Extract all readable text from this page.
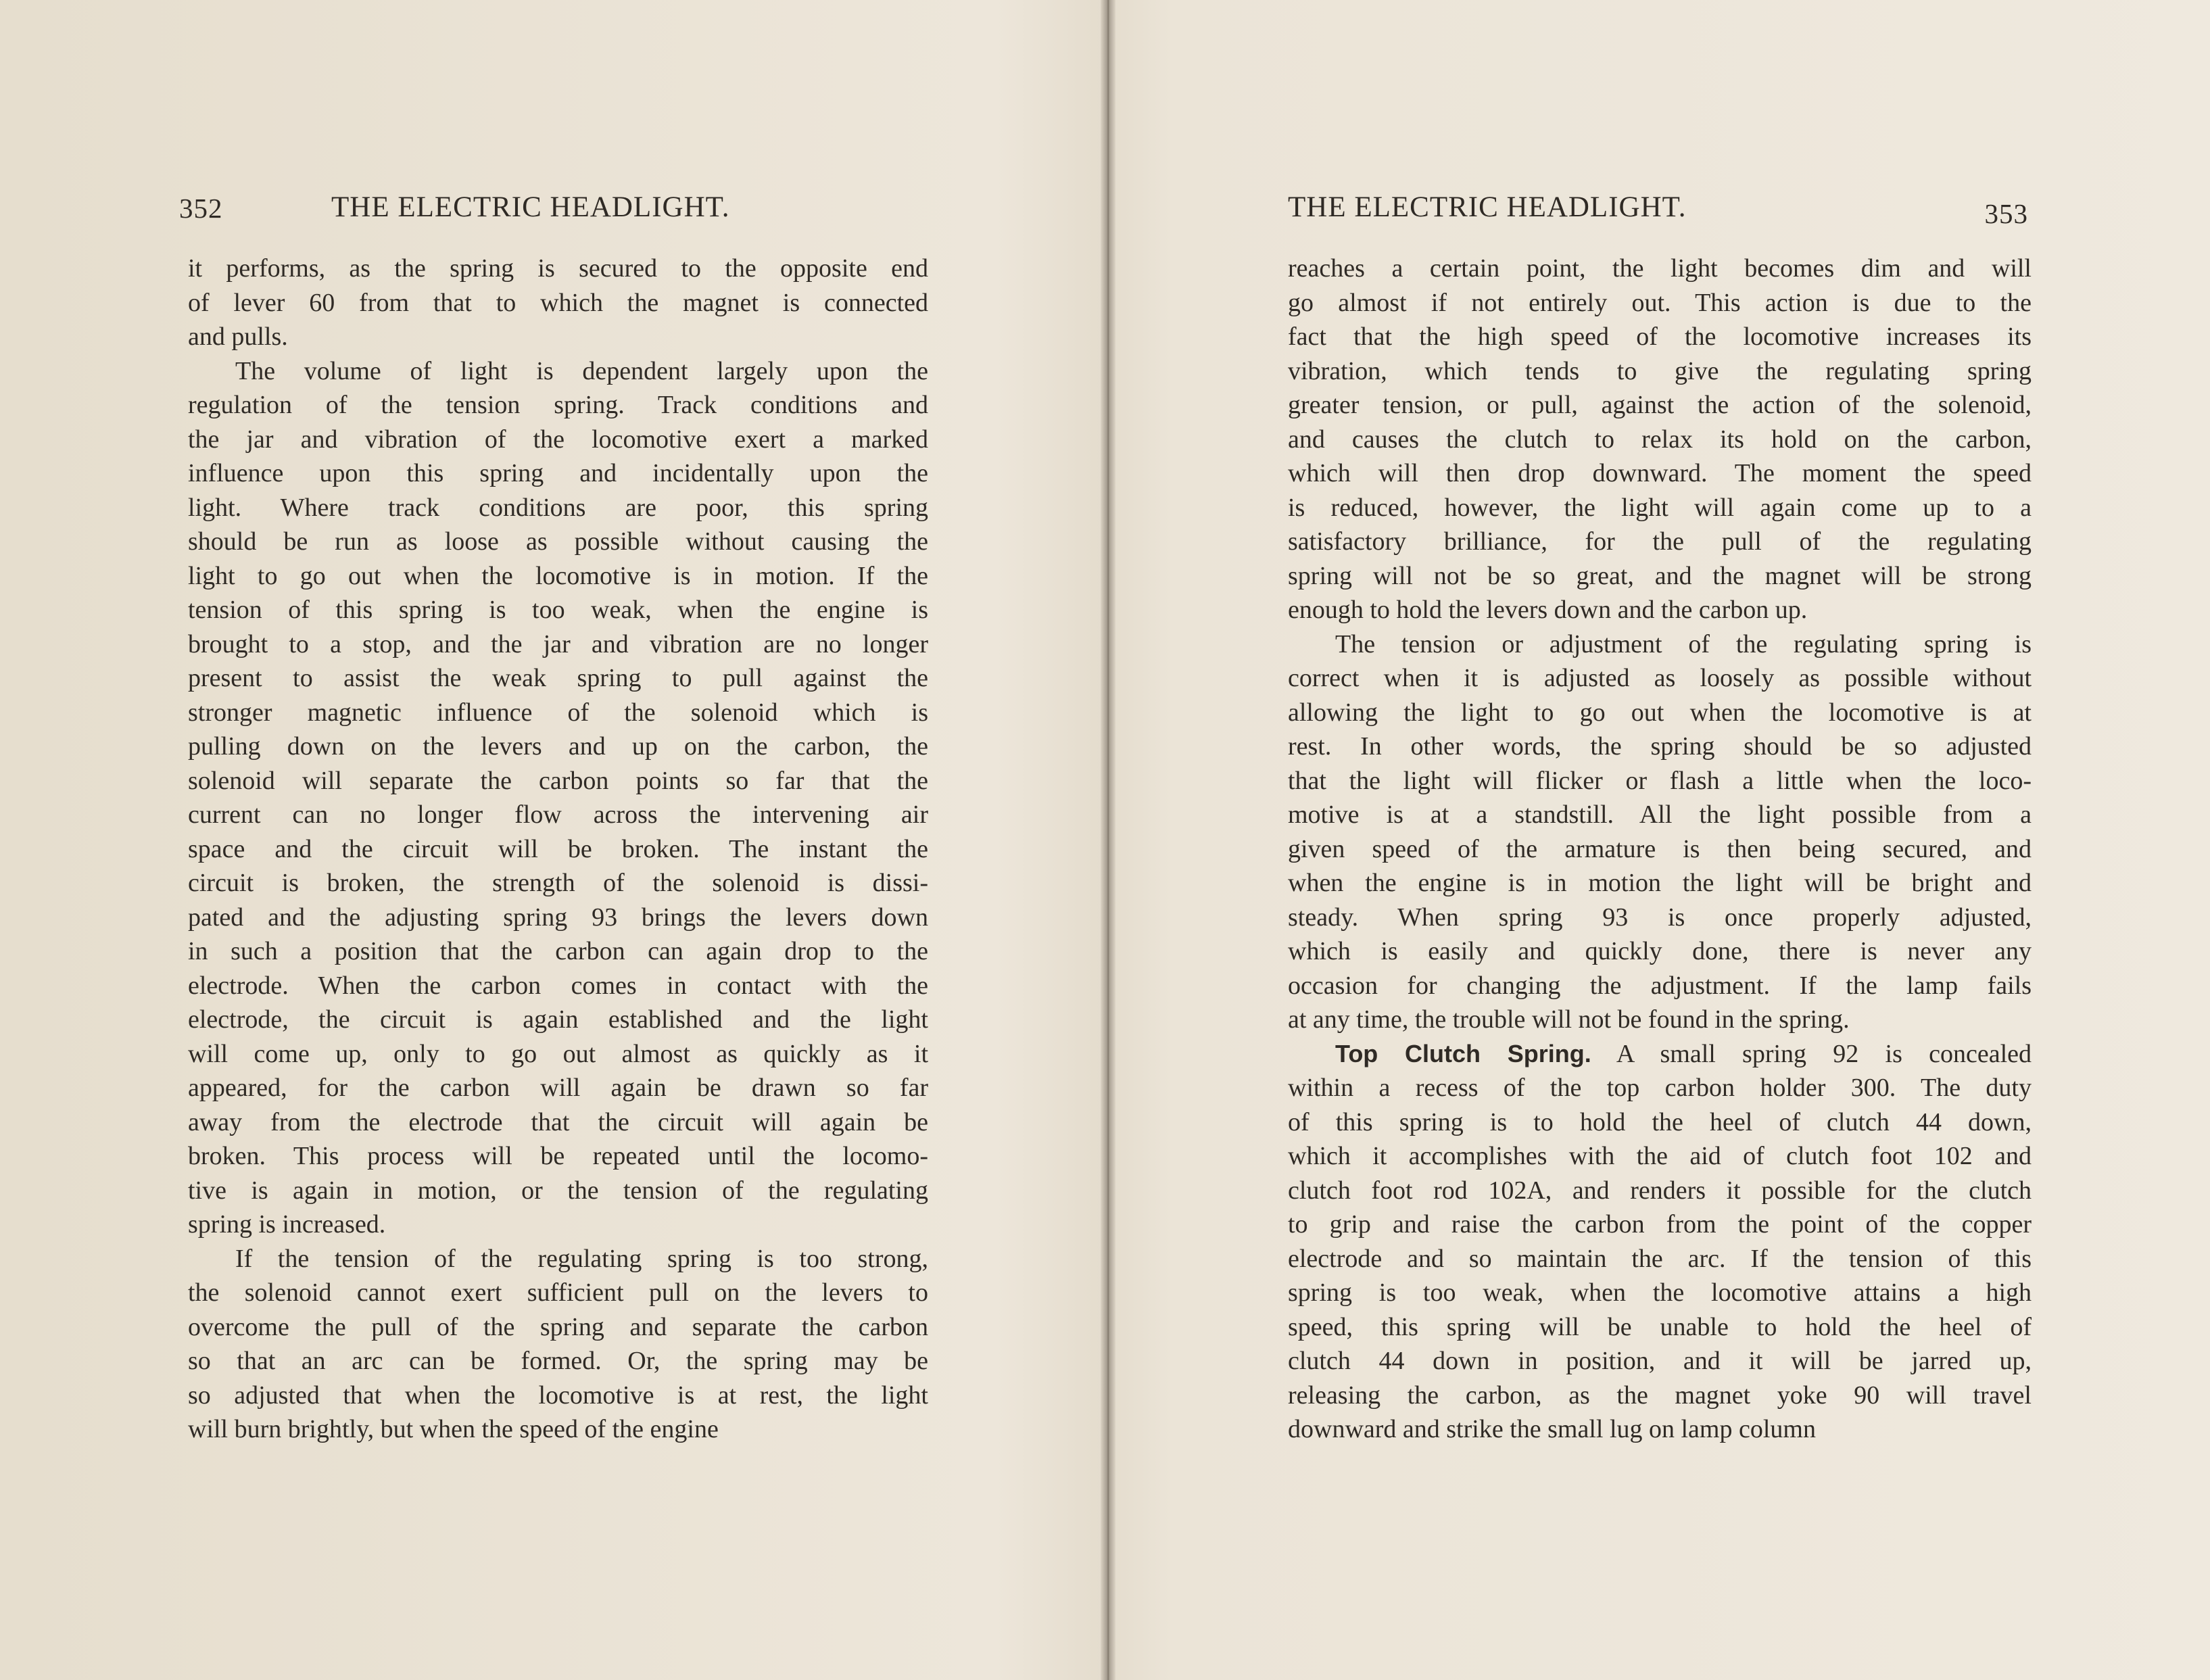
352	THE ELECTRIC HEADLIGHT.
it performs, as the spring is secured to the opposite end
of lever 60 from that to which the magnet is connected
and pulls.
The volume of light is dependent largely upon the
regulation of the tension spring. Track conditions and
the jar and vibration of the locomotive exert a marked
influence upon this spring and incidentally upon the
light. Where track conditions are poor, this spring
should be run as loose as possible without causing the
light to go out when the locomotive is in motion. If the
tension of this spring is too weak, when the engine is
brought to a stop, and the jar and vibration are no longer
present to assist the weak spring to pull against the
stronger magnetic influence of the solenoid which is
pulling down on the levers and up on the carbon, the
solenoid will separate the carbon points so far that the
current can no longer flow across the intervening air
space and the circuit will be broken. The instant the
circuit is broken, the strength of the solenoid is dissi-
pated and the adjusting spring 93 brings the levers down
in such a position that the carbon can again drop to the
electrode. When the carbon comes in contact with the
electrode, the circuit is again established and the light
will come up, only to go out almost as quickly as it
appeared, for the carbon will again be drawn so far
away from the electrode that the circuit will again be
broken. This process will be repeated until the locomo-
tive is again in motion, or the tension of the regulating
spring is increased.
If the tension of the regulating spring is too strong,
the solenoid cannot exert sufficient pull on the levers to
overcome the pull of the spring and separate the carbon
so that an arc can be formed. Or, the spring may be
so adjusted that when the locomotive is at rest, the light
will burn brightly, but when the speed of the engine
THE ELECTRIC HEADLIGHT.	353
reaches a certain point, the light becomes dim and will
go almost if not entirely out. This action is due to the
fact that the high speed of the locomotive increases its
vibration, which tends to give the regulating spring
greater tension, or pull, against the action of the solenoid,
and causes the clutch to relax its hold on the carbon,
which will then drop downward. The moment the speed
is reduced, however, the light will again come up to a
satisfactory brilliance, for the pull of the regulating
spring will not be so great, and the magnet will be strong
enough to hold the levers down and the carbon up.
The tension or adjustment of the regulating spring is
correct when it is adjusted as loosely as possible without
allowing the light to go out when the locomotive is at
rest. In other words, the spring should be so adjusted
that the light will flicker or flash a little when the loco-
motive is at a standstill. All the light possible from a
given speed of the armature is then being secured, and
when the engine is in motion the light will be bright and
steady. When spring 93 is once properly adjusted,
which is easily and quickly done, there is never any
occasion for changing the adjustment. If the lamp fails
at any time, the trouble will not be found in the spring.
Top Clutch Spring. A small spring 92 is concealed
within a recess of the top carbon holder 300. The duty
of this spring is to hold the heel of clutch 44 down,
which it accomplishes with the aid of clutch foot 102 and
clutch foot rod 102A, and renders it possible for the clutch
to grip and raise the carbon from the point of the copper
electrode and so maintain the arc. If the tension of this
spring is too weak, when the locomotive attains a high
speed, this spring will be unable to hold the heel of
clutch 44 down in position, and it will be jarred up,
releasing the carbon, as the magnet yoke 90 will travel
downward and strike the small lug on lamp column
